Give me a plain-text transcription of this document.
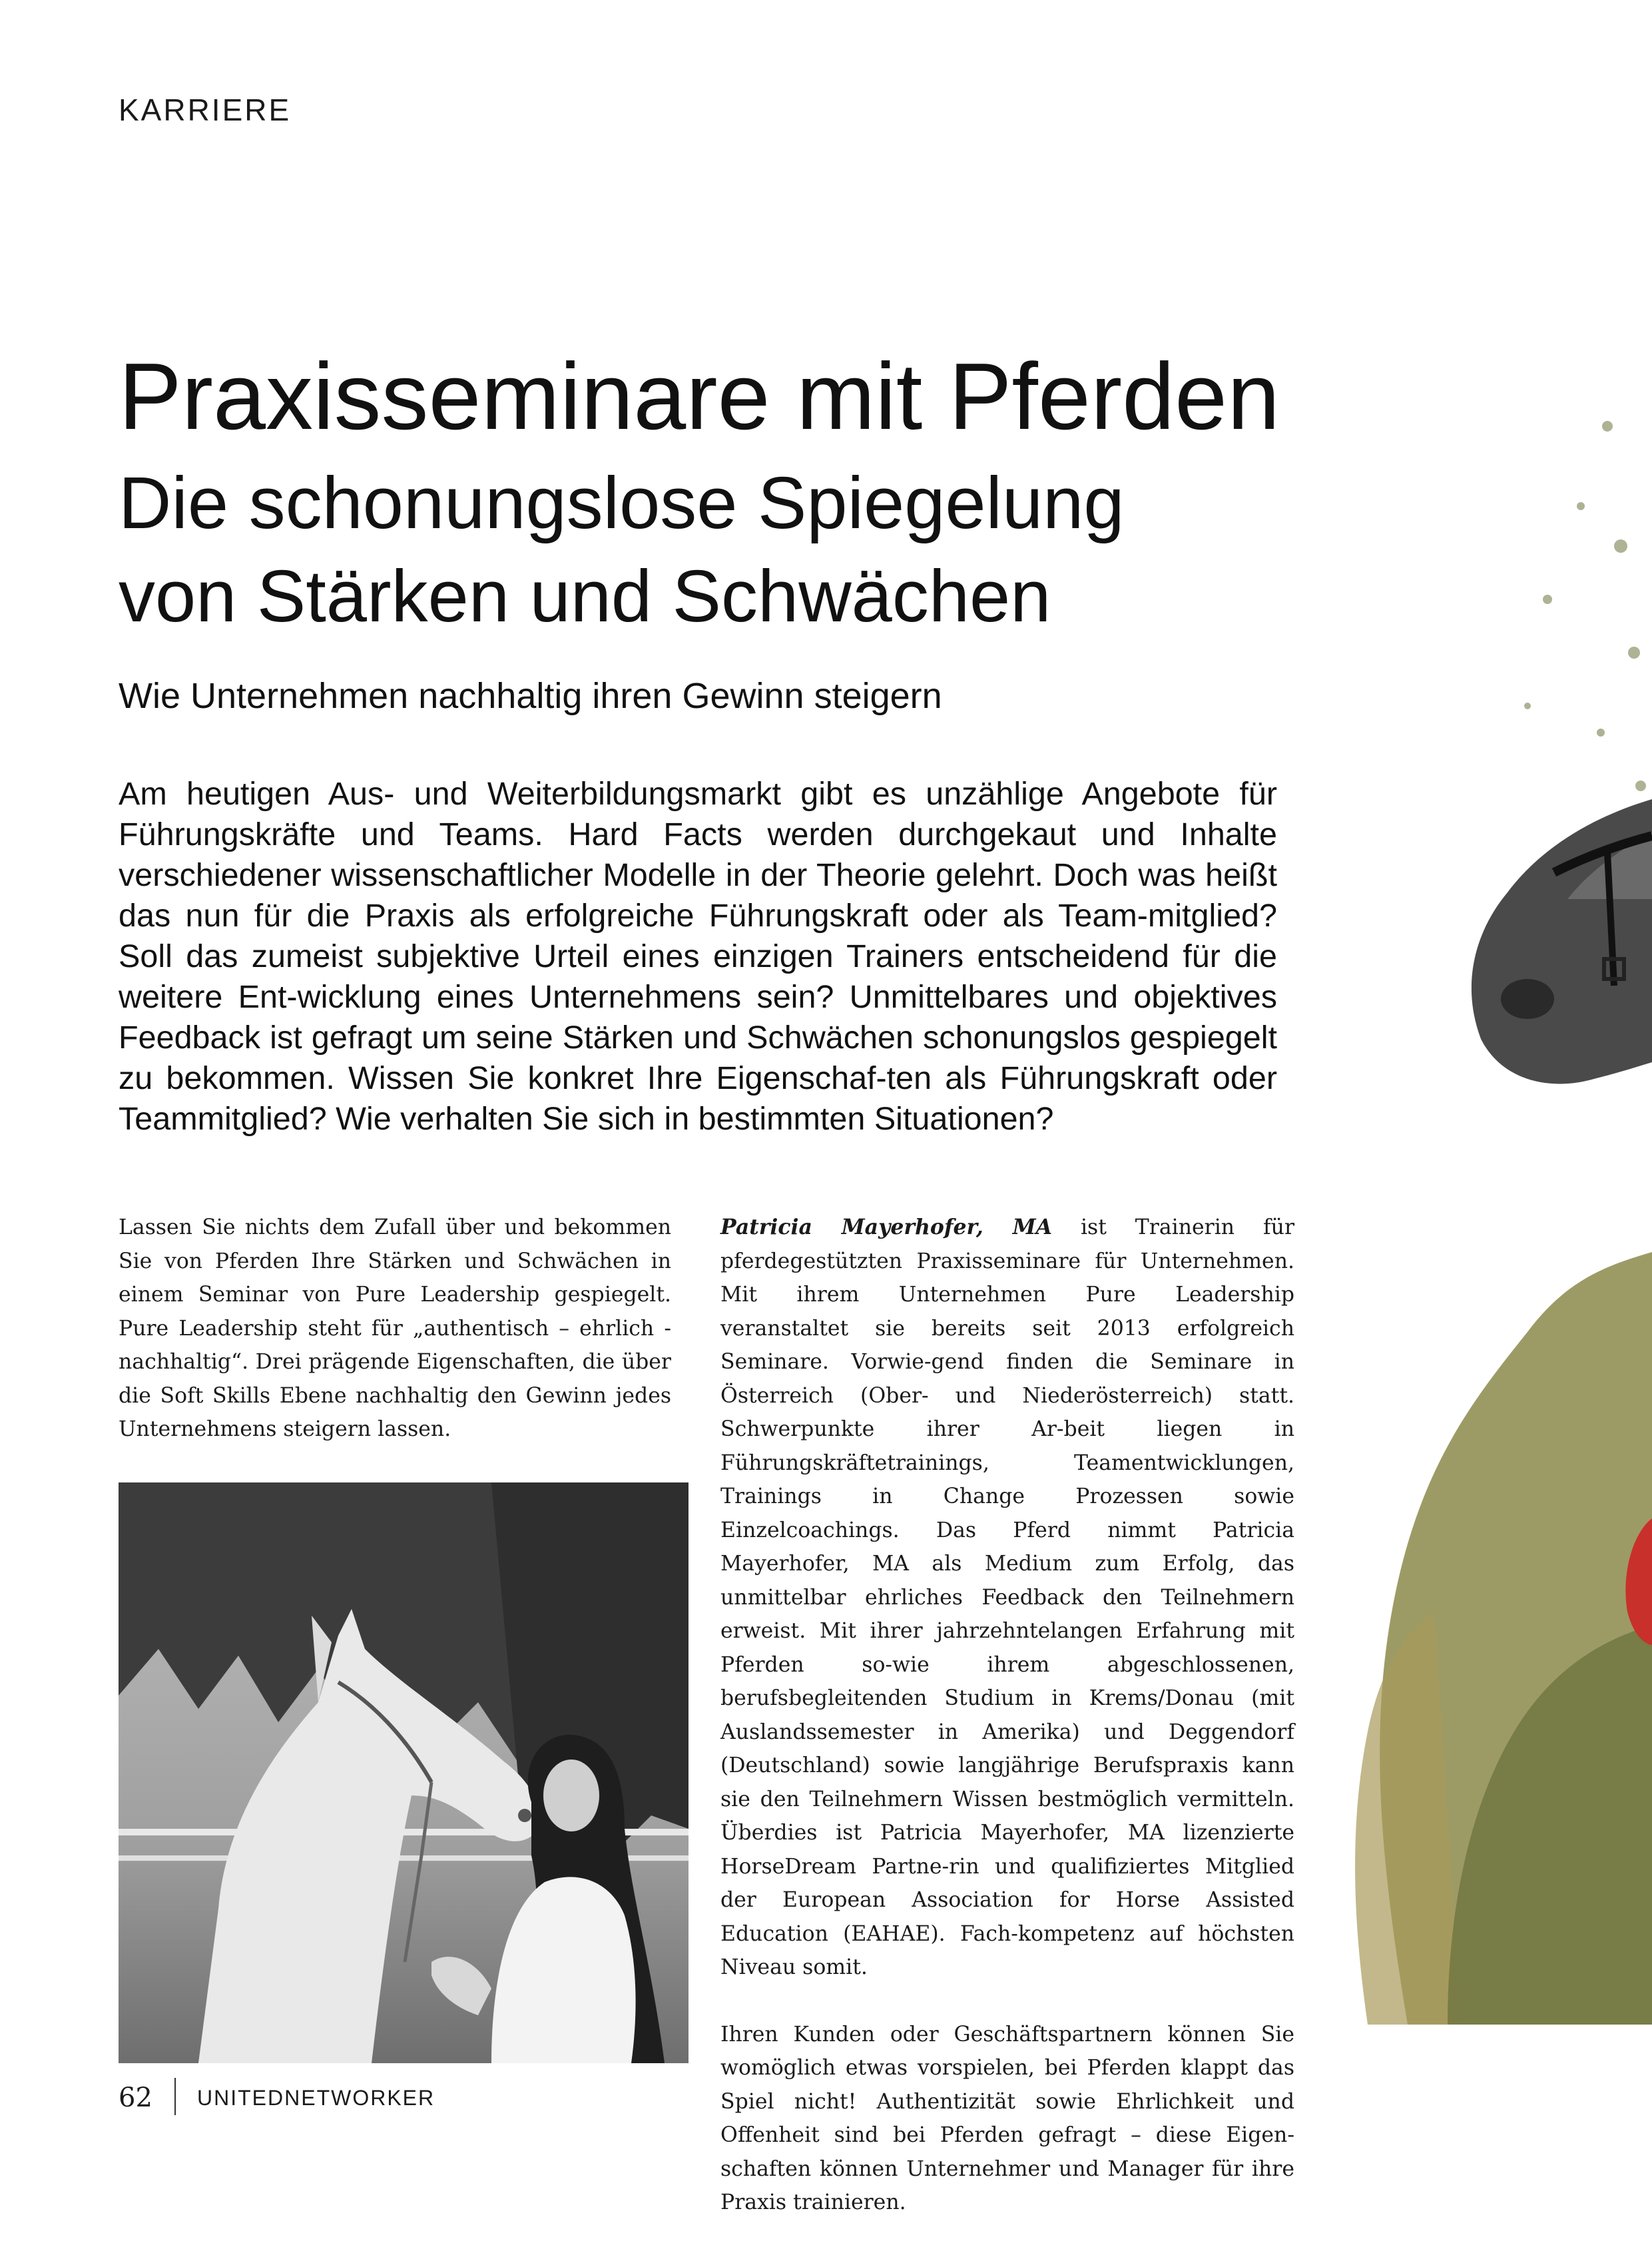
KARRIERE
Praxisseminare mit Pferden
Die schonungslose Spiegelung
von Stärken und Schwächen
Wie Unternehmen nachhaltig ihren Gewinn steigern

Am heutigen Aus- und Weiterbildungsmarkt gibt es unzählige Angebote für Führungskräfte und Teams. Hard Facts werden durchgekaut und Inhalte verschiedener wissenschaftlicher Modelle in der Theorie gelehrt. Doch was heißt das nun für die Praxis als erfolgreiche Führungskraft oder als Team-mitglied? Soll das zumeist subjektive Urteil eines einzigen Trainers entscheidend für die weitere Ent-wicklung eines Unternehmens sein? Unmittelbares und objektives Feedback ist gefragt um seine Stärken und Schwächen schonungslos gespiegelt zu bekommen. Wissen Sie konkret Ihre Eigenschaf-ten als Führungskraft oder Teammitglied? Wie verhalten Sie sich in bestimmten Situationen?

Lassen Sie nichts dem Zufall über und bekommen Sie von Pferden Ihre Stärken und Schwächen in einem Seminar von Pure Leadership gespiegelt. Pure Leadership steht für „authentisch – ehrlich - nachhaltig“. Drei prägende Eigenschaften, die über die Soft Skills Ebene nachhaltig den Gewinn jedes Unternehmens steigern lassen.

Patricia Mayerhofer, MA ist Trainerin für pferdegestützten Praxisseminare für Unternehmen. Mit ihrem Unternehmen Pure Leadership veranstaltet sie bereits seit 2013 erfolgreich Seminare. Vorwie-gend finden die Seminare in Österreich (Ober- und Niederösterreich) statt. Schwerpunkte ihrer Ar-beit liegen in Führungskräftetrainings, Teamentwicklungen, Trainings in Change Prozessen sowie Einzelcoachings. Das Pferd nimmt Patricia Mayerhofer, MA als Medium zum Erfolg, das unmittelbar ehrliches Feedback den Teilnehmern erweist. Mit ihrer jahrzehntelangen Erfahrung mit Pferden so-wie ihrem abgeschlossenen, berufsbegleitenden Studium in Krems/Donau (mit Auslandssemester in Amerika) und Deggendorf (Deutschland) sowie langjährige Berufspraxis kann sie den Teilnehmern Wissen bestmöglich vermitteln. Überdies ist Patricia Mayerhofer, MA lizenzierte HorseDream Partne-rin und qualifiziertes Mitglied der European Association for Horse Assisted Education (EAHAE). Fach-kompetenz auf höchsten Niveau somit.

Ihren Kunden oder Geschäftspartnern können Sie womöglich etwas vorspielen, bei Pferden klappt das Spiel nicht! Authentizität sowie Ehrlichkeit und Offenheit sind bei Pferden gefragt – diese Eigen-schaften können Unternehmer und Manager für ihre Praxis trainieren.

62 UNITEDNETWORKER
